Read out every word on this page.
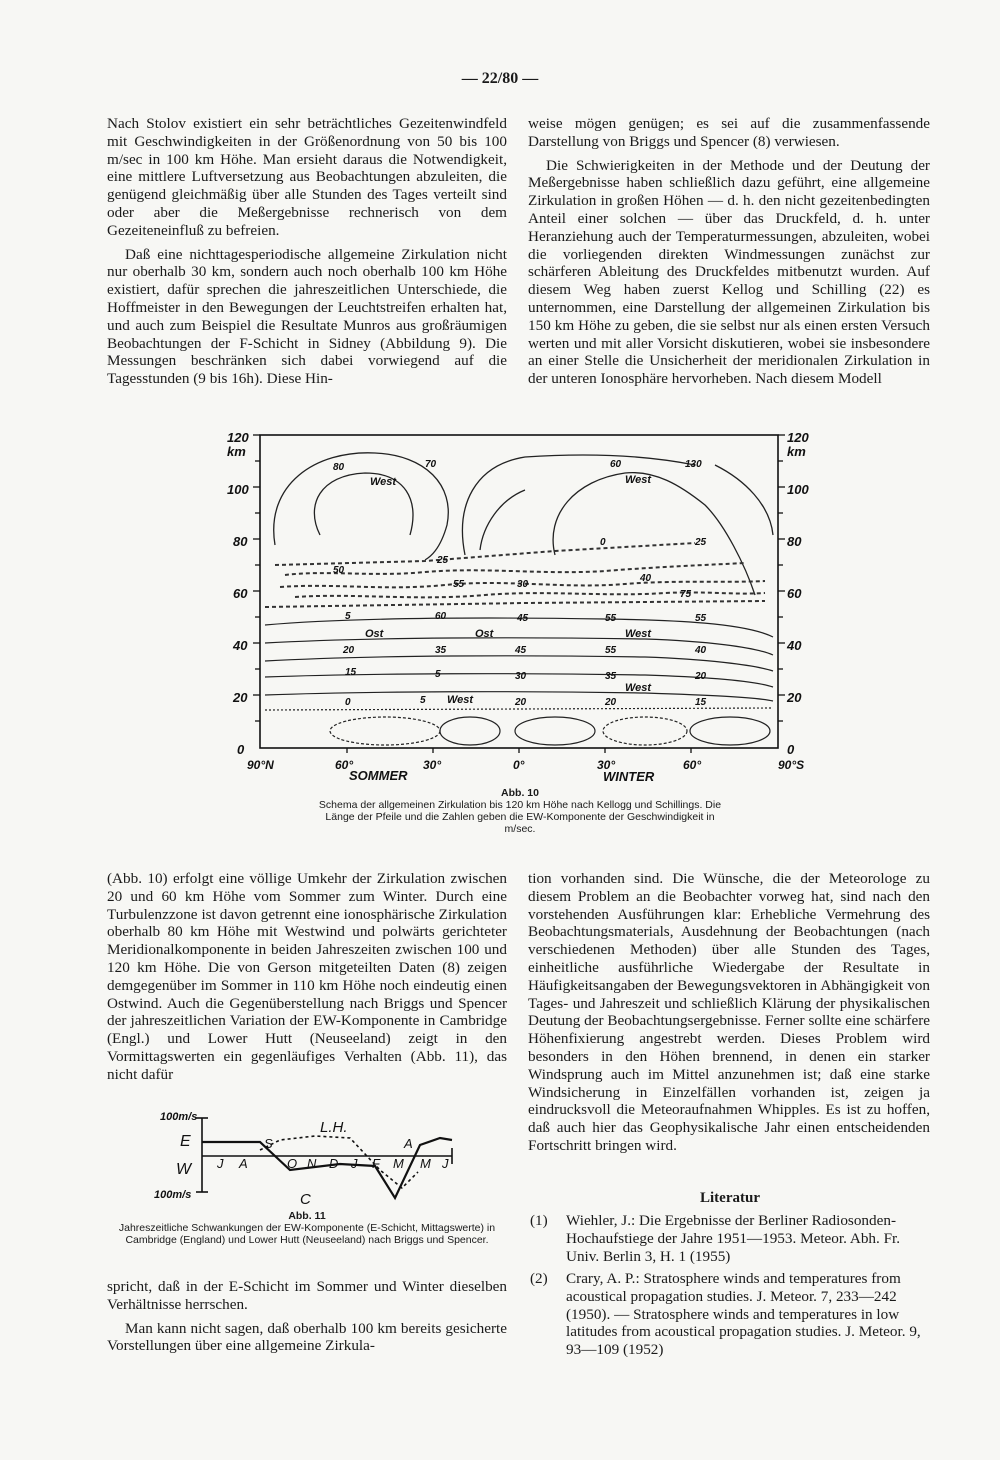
— 22/80 —

Nach Stolov existiert ein sehr beträchtliches Gezeitenwindfeld mit Geschwindigkeiten in der Größenordnung von 50 bis 100 m/sec in 100 km Höhe. Man ersieht daraus die Notwendigkeit, eine mittlere Luftversetzung aus Beobachtungen abzuleiten, die genügend gleichmäßig über alle Stunden des Tages verteilt sind oder aber die Meßergebnisse rechnerisch von dem Gezeiteneinfluß zu befreien.

Daß eine nichttagesperiodische allgemeine Zirkulation nicht nur oberhalb 30 km, sondern auch noch oberhalb 100 km Höhe existiert, dafür sprechen die jahreszeitlichen Unterschiede, die Hoffmeister in den Bewegungen der Leuchtstreifen erhalten hat, und auch zum Beispiel die Resultate Munros aus großräumigen Beobachtungen der F-Schicht in Sidney (Abbildung 9). Die Messungen beschränken sich dabei vorwiegend auf die Tagesstunden (9 bis 16h). Diese Hin-

weise mögen genügen; es sei auf die zusammenfassende Darstellung von Briggs und Spencer (8) verwiesen.

Die Schwierigkeiten in der Methode und der Deutung der Meßergebnisse haben schließlich dazu geführt, eine allgemeine Zirkulation in großen Höhen — d. h. den nicht gezeitenbedingten Anteil einer solchen — über das Druckfeld, d. h. unter Heranziehung auch der Temperaturmessungen, abzuleiten, wobei die vorliegenden direkten Windmessungen zunächst zur schärferen Ableitung des Druckfeldes mitbenutzt wurden. Auf diesem Weg haben zuerst Kellog und Schilling (22) es unternommen, eine Darstellung der allgemeinen Zirkulation bis 150 km Höhe zu geben, die sie selbst nur als einen ersten Versuch werten und mit aller Vorsicht diskutieren, wobei sie insbesondere an einer Stelle die Unsicherheit der meridionalen Zirkulation in der unteren Ionosphäre hervorheben. Nach diesem Modell

120
km
100
80
60
40
20
0
120
km
100
80
60
40
20
0
90°N	60°	30°	0°	30°	60°	90°S
SOMMER	WINTER
80	70
West
60	130
West
0	25
25
50
55	30
40
75
5	60	45	55	55
Ost	Ost	West
20	35	45	55	40
15	5	30	35	20
West
0	5 West	20	20	15
Abb. 10
Schema der allgemeinen Zirkulation bis 120 km Höhe nach Kellogg und Schillings. Die Länge der Pfeile und die Zahlen geben die EW-Komponente der Geschwindigkeit in m/sec.

(Abb. 10) erfolgt eine völlige Umkehr der Zirkulation zwischen 20 und 60 km Höhe vom Sommer zum Winter. Durch eine Turbulenzzone ist davon getrennt eine ionosphärische Zirkulation oberhalb 80 km Höhe mit Westwind und polwärts gerichteter Meridionalkomponente in beiden Jahreszeiten zwischen 100 und 120 km Höhe. Die von Gerson mitgeteilten Daten (8) zeigen demgegenüber im Sommer in 110 km Höhe noch eindeutig einen Ostwind. Auch die Gegenüberstellung nach Briggs und Spencer der jahreszeitlichen Variation der EW-Komponente in Cambridge (Engl.) und Lower Hutt (Neuseeland) zeigt in den Vormittagswerten ein gegenläufiges Verhalten (Abb. 11), das nicht dafür

100m/s
E
W
100m/s
L.H.
C
J A
S
O N D J F M
A
M J
Abb. 11
Jahreszeitliche Schwankungen der EW-Komponente (E-Schicht, Mittagswerte) in Cambridge (England) und Lower Hutt (Neuseeland) nach Briggs und Spencer.

spricht, daß in der E-Schicht im Sommer und Winter dieselben Verhältnisse herrschen.

Man kann nicht sagen, daß oberhalb 100 km bereits gesicherte Vorstellungen über eine allgemeine Zirkula-

tion vorhanden sind. Die Wünsche, die der Meteorologe zu diesem Problem an die Beobachter vorweg hat, sind nach den vorstehenden Ausführungen klar: Erhebliche Vermehrung des Beobachtungsmaterials, Ausdehnung der Beobachtungen (nach verschiedenen Methoden) über alle Stunden des Tages, einheitliche ausführliche Wiedergabe der Resultate in Häufigkeitsangaben der Bewegungsvektoren in Abhängigkeit von Tages- und Jahreszeit und schließlich Klärung der physikalischen Deutung der Beobachtungsergebnisse. Ferner sollte eine schärfere Höhenfixierung angestrebt werden. Dieses Problem wird besonders in den Höhen brennend, in denen ein starker Windsprung auch im Mittel anzunehmen ist; daß eine starke Windsicherung in Einzelfällen vorhanden ist, zeigen ja eindrucksvoll die Meteoraufnahmen Whipples. Es ist zu hoffen, daß auch hier das Geophysikalische Jahr einen entscheidenden Fortschritt bringen wird.

Literatur
(1) Wiehler, J.: Die Ergebnisse der Berliner Radiosonden-Hochaufstiege der Jahre 1951—1953. Meteor. Abh. Fr. Univ. Berlin 3, H. 1 (1955)
(2) Crary, A. P.: Stratosphere winds and temperatures from acoustical propagation studies. J. Meteor. 7, 233—242 (1950). — Stratosphere winds and temperatures in low latitudes from acoustical propagation studies. J. Meteor. 9, 93—109 (1952)
